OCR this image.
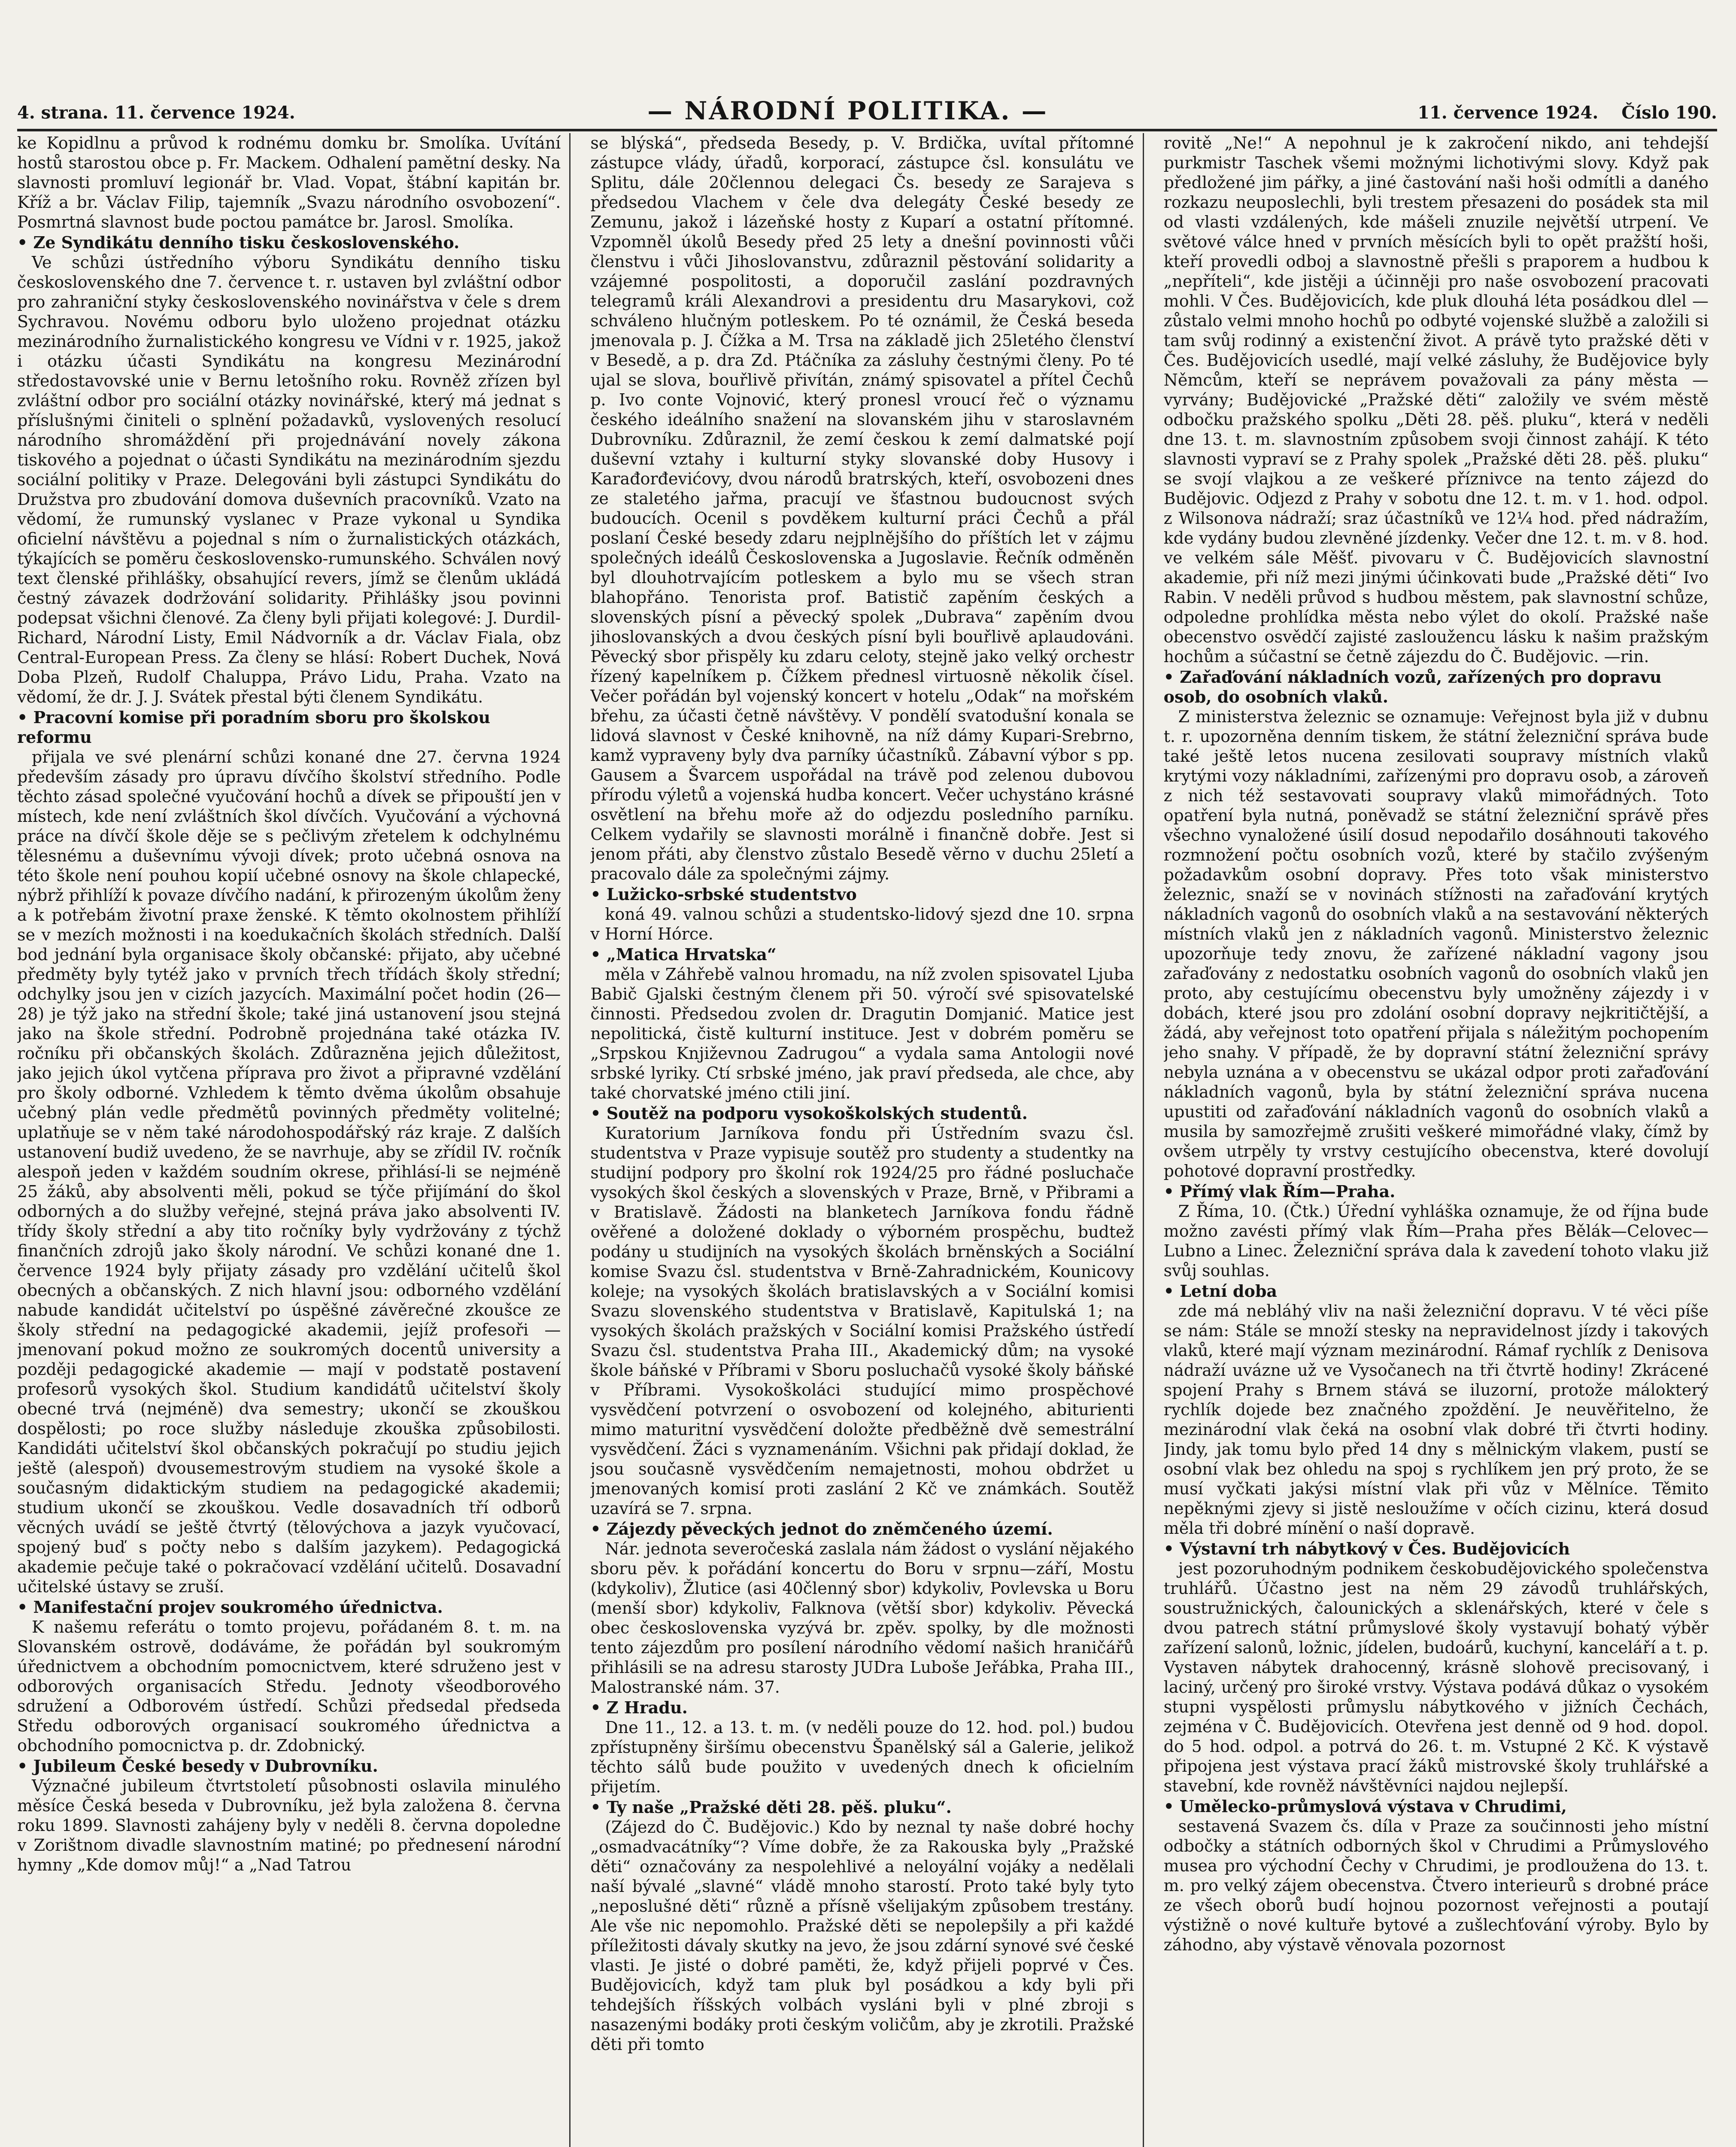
4. strana. 11. července 1924.	— NÁRODNÍ POLITIKA. —	11. července 1924. Číslo 190.

ke Kopidlnu a průvod k rodnému domku br. Smolíka. Uvítání hostů starostou obce p. Fr. Mackem. Odhalení pamětní desky. Na slavnosti promluví legionář br. Vlad. Vopat, štábní kapitán br. Kříž a br. Václav Filip, tajemník „Svazu národního osvobození“. Posmrtná slavnost bude poctou památce br. Jarosl. Smolíka.

• Ze Syndikátu denního tisku československého.

Ve schůzi ústředního výboru Syndikátu denního tisku československého dne 7. července t. r. ustaven byl zvláštní odbor pro zahraniční styky československého novinářstva v čele s drem Sychravou. Novému odboru bylo uloženo projednat otázku mezinárodního žurnalistického kongresu ve Vídni v r. 1925, jakož i otázku účasti Syndikátu na kongresu Mezinárodní středostavovské unie v Bernu letošního roku. Rovněž zřízen byl zvláštní odbor pro sociální otázky novinářské, který má jednat s příslušnými činiteli o splnění požadavků, vyslovených resolucí národního shromáždění při projednávání novely zákona tiskového a pojednat o účasti Syndikátu na mezinárodním sjezdu sociální politiky v Praze. Delegováni byli zástupci Syndikátu do Družstva pro zbudování domova duševních pracovníků. Vzato na vědomí, že rumunský vyslanec v Praze vykonal u Syndika oficielní návštěvu a pojednal s ním o žurnalistických otázkách, týkajících se poměru československo-rumunského. Schválen nový text členské přihlášky, obsahující revers, jímž se členům ukládá čestný závazek dodržování solidarity. Přihlášky jsou povinni podepsat všichni členové. Za členy byli přijati kolegové: J. Durdil-Richard, Národní Listy, Emil Nádvorník a dr. Václav Fiala, obz Central-European Press. Za členy se hlásí: Robert Duchek, Nová Doba Plzeň, Rudolf Chaluppa, Právo Lidu, Praha. Vzato na vědomí, že dr. J. J. Svátek přestal býti členem Syndikátu.

• Pracovní komise při poradním sboru pro školskou reformu

přijala ve své plenární schůzi konané dne 27. června 1924 především zásady pro úpravu dívčího školství středního. Podle těchto zásad společné vyučování hochů a dívek se připouští jen v místech, kde není zvláštních škol dívčích. Vyučování a výchovná práce na dívčí škole děje se s pečlivým zřetelem k odchylnému tělesnému a duševnímu vývoji dívek; proto učebná osnova na této škole není pouhou kopií učebné osnovy na škole chlapecké, nýbrž přihlíží k povaze dívčího nadání, k přirozeným úkolům ženy a k potřebám životní praxe ženské. K těmto okolnostem přihlíží se v mezích možnosti i na koedukačních školách středních. Další bod jednání byla organisace školy občanské: přijato, aby učebné předměty byly tytéž jako v prvních třech třídách školy střední; odchylky jsou jen v cizích jazycích. Maximální počet hodin (26—28) je týž jako na střední škole; také jiná ustanovení jsou stejná jako na škole střední. Podrobně projednána také otázka IV. ročníku při občanských školách. Zdůrazněna jejich důležitost, jako jejich úkol vytčena příprava pro život a připravné vzdělání pro školy odborné. Vzhledem k těmto dvěma úkolům obsahuje učebný plán vedle předmětů povinných předměty volitelné; uplatňuje se v něm také národohospodářský ráz kraje. Z dalších ustanovení budiž uvedeno, že se navrhuje, aby se zřídil IV. ročník alespoň jeden v každém soudním okrese, přihlásí-li se nejméně 25 žáků, aby absolventi měli, pokud se týče přijímání do škol odborných a do služby veřejné, stejná práva jako absolventi IV. třídy školy střední a aby tito ročníky byly vydržovány z týchž finančních zdrojů jako školy národní. Ve schůzi konané dne 1. července 1924 byly přijaty zásady pro vzdělání učitelů škol obecných a občanských. Z nich hlavní jsou: odborného vzdělání nabude kandidát učitelství po úspěšné závěrečné zkoušce ze školy střední na pedagogické akademii, jejíž profesoři — jmenovaní pokud možno ze soukromých docentů university a později pedagogické akademie — mají v podstatě postavení profesorů vysokých škol. Studium kandidátů učitelství školy obecné trvá (nejméně) dva semestry; ukončí se zkouškou dospělosti; po roce služby následuje zkouška způsobilosti. Kandidáti učitelství škol občanských pokračují po studiu jejich ještě (alespoň) dvousemestrovým studiem na vysoké škole a současným didaktickým studiem na pedagogické akademii; studium ukončí se zkouškou. Vedle dosavadních tří odborů věcných uvádí se ještě čtvrtý (tělovýchova a jazyk vyučovací, spojený buď s počty nebo s dalším jazykem). Pedagogická akademie pečuje také o pokračovací vzdělání učitelů. Dosavadní učitelské ústavy se zruší.

• Manifestační projev soukromého úřednictva.

K našemu referátu o tomto projevu, pořádaném 8. t. m. na Slovanském ostrově, dodáváme, že pořádán byl soukromým úřednictvem a obchodním pomocnictvem, které sdruženo jest v odborových organisacích Středu. Jednoty všeodborového sdružení a Odborovém ústředí. Schůzi předsedal předseda Středu odborových organisací soukromého úřednictva a obchodního pomocnictva p. dr. Zdobnický.

• Jubileum České besedy v Dubrovníku.

Význačné jubileum čtvrtstoletí působnosti oslavila minulého měsíce Česká beseda v Dubrovníku, jež byla založena 8. června roku 1899. Slavnosti zahájeny byly v neděli 8. června dopoledne v Zorištnom divadle slavnostním matiné; po přednesení národní hymny „Kde domov můj!“ a „Nad Tatrou

se blýská“, předseda Besedy, p. V. Brdička, uvítal přítomné zástupce vlády, úřadů, korporací, zástupce čsl. konsulátu ve Splitu, dále 20člennou delegaci Čs. besedy ze Sarajeva s předsedou Vlachem v čele dva delegáty České besedy ze Zemunu, jakož i lázeňské hosty z Kuparí a ostatní přítomné. Vzpomněl úkolů Besedy před 25 lety a dnešní povinnosti vůči členstvu i vůči Jihoslovanstvu, zdůraznil pěstování solidarity a vzájemné pospolitosti, a doporučil zaslání pozdravných telegramů králi Alexandrovi a presidentu dru Masarykovi, což schváleno hlučným potleskem. Po té oznámil, že Česká beseda jmenovala p. J. Čížka a M. Trsa na základě jich 25letého členství v Besedě, a p. dra Zd. Ptáčníka za zásluhy čestnými členy. Po té ujal se slova, bouřlivě přivítán, známý spisovatel a přítel Čechů p. Ivo conte Vojnović, který pronesl vroucí řeč o významu českého ideálního snažení na slovanském jihu v staroslavném Dubrovníku. Zdůraznil, že zemí českou k zemí dalmatské pojí duševní vztahy i kulturní styky slovanské doby Husovy i Karađorđevićovy, dvou národů bratrských, kteří, osvobozeni dnes ze staletého jařma, pracují ve šťastnou budoucnost svých budoucích. Ocenil s povděkem kulturní práci Čechů a přál poslaní České besedy zdaru nejplnějšího do příštích let v zájmu společných ideálů Československa a Jugoslavie. Řečník odměněn byl dlouhotrvajícím potleskem a bylo mu se všech stran blahopřáno. Tenorista prof. Batistič zapěním českých a slovenských písní a pěvecký spolek „Dubrava“ zapěním dvou jihoslovanských a dvou českých písní byli bouřlivě aplaudováni. Pěvecký sbor přispěly ku zdaru celoty, stejně jako velký orchestr řízený kapelníkem p. Čížkem přednesl virtuosně několik čísel. Večer pořádán byl vojenský koncert v hotelu „Odak“ na mořském břehu, za účasti četně návštěvy. V pondělí svatodušní konala se lidová slavnost v České knihovně, na níž dámy Kupari-Srebrno, kamž vypraveny byly dva parníky účastníků. Zábavní výbor s pp. Gausem a Švarcem uspořádal na trávě pod zelenou dubovou přírodu výletů a vojenská hudba koncert. Večer uchystáno krásné osvětlení na břehu moře až do odjezdu posledního parníku. Celkem vydařily se slavnosti morálně i finančně dobře. Jest si jenom přáti, aby členstvo zůstalo Besedě věrno v duchu 25letí a pracovalo dále za společnými zájmy.

• Lužicko-srbské studentstvo

koná 49. valnou schůzi a studentsko-lidový sjezd dne 10. srpna v Horní Hórce.

• „Matica Hrvatska“

měla v Záhřebě valnou hromadu, na níž zvolen spisovatel Ljuba Babič Gjalski čestným členem při 50. výročí své spisovatelské činnosti. Předsedou zvolen dr. Dragutin Domjanić. Matice jest nepolitická, čistě kulturní instituce. Jest v dobrém poměru se „Srpskou Književnou Zadrugou“ a vydala sama Antologii nové srbské lyriky. Ctí srbské jméno, jak praví předseda, ale chce, aby také chorvatské jméno ctili jiní.

• Soutěž na podporu vysokoškolských studentů.

Kuratorium Jarníkova fondu při Ústředním svazu čsl. studentstva v Praze vypisuje soutěž pro studenty a studentky na studijní podpory pro školní rok 1924/25 pro řádné posluchače vysokých škol českých a slovenských v Praze, Brně, v Přibrami a v Bratislavě. Žádosti na blanketech Jarníkova fondu řádně ověřené a doložené doklady o výborném prospěchu, budtež podány u studijních na vysokých školách brněnských a Sociální komise Svazu čsl. studentstva v Brně-Zahradnickém, Kounicovy koleje; na vysokých školách bratislavských a v Sociální komisi Svazu slovenského studentstva v Bratislavě, Kapitulská 1; na vysokých školách pražských v Sociální komisi Pražského ústředí Svazu čsl. studentstva Praha III., Akademický dům; na vysoké škole báňské v Příbrami v Sboru posluchačů vysoké školy báňské v Příbrami. Vysokoškoláci studující mimo prospěchové vysvědčení potvrzení o osvobození od kolejného, abiturienti mimo maturitní vysvědčení doložte předběžně dvě semestrální vysvědčení. Žáci s vyznamenáním. Všichni pak přidají doklad, že jsou současně vysvědčením nemajetnosti, mohou obdržet u jmenovaných komisí proti zaslání 2 Kč ve známkách. Soutěž uzavírá se 7. srpna.

• Zájezdy pěveckých jednot do zněmčeného území.

Nár. jednota severočeská zaslala nám žádost o vyslání nějakého sboru pěv. k pořádání koncertu do Boru v srpnu—září, Mostu (kdykoliv), Žlutice (asi 40členný sbor) kdykoliv, Povlevska u Boru (menší sbor) kdykoliv, Falknova (větší sbor) kdykoliv. Pěvecká obec československa vyzývá br. zpěv. spolky, by dle možnosti tento zájezdům pro posílení národního vědomí našich hraničářů přihlásili se na adresu starosty JUDra Luboše Jeřábka, Praha III., Malostranské nám. 37.

• Z Hradu.

Dne 11., 12. a 13. t. m. (v neděli pouze do 12. hod. pol.) budou zpřístupněny širšímu obecenstvu Španělský sál a Galerie, jelikož těchto sálů bude použito v uvedených dnech k oficielním přijetím.

• Ty naše „Pražské děti 28. pěš. pluku“.

(Zájezd do Č. Budějovic.) Kdo by neznal ty naše dobré hochy „osmadvacátníky“? Víme dobře, že za Rakouska byly „Pražské děti“ označovány za nespolehlivé a neloyální vojáky a nedělali naší bývalé „slavné“ vládě mnoho starostí. Proto také byly tyto „neposlušné děti“ různě a přísně všelijakým způsobem trestány. Ale vše nic nepomohlo. Pražské děti se nepolepšily a při každé příležitosti dávaly skutky na jevo, že jsou zdární synové své české vlasti. Je jisté o dobré paměti, že, když přijeli poprvé v Čes. Budějovicích, když tam pluk byl posádkou a kdy byli při tehdejších říšských volbách vysláni byli v plné zbroji s nasazenými bodáky proti českým voličům, aby je zkrotili. Pražské děti při tomto

rovitě „Ne!“ A nepohnul je k zakročení nikdo, ani tehdejší purkmistr Taschek všemi možnými lichotivými slovy. Když pak předložené jim pářky, a jiné častování naši hoši odmítli a daného rozkazu neuposlechli, byli trestem přesazeni do posádek sta mil od vlasti vzdálených, kde mášeli znuzile největší utrpení. Ve světové válce hned v prvních měsících byli to opět pražští hoši, kteří provedli odboj a slavnostně přešli s praporem a hudbou k „nepříteli“, kde jistěji a účinněji pro naše osvobození pracovati mohli. V Čes. Budějovicích, kde pluk dlouhá léta posádkou dlel — zůstalo velmi mnoho hochů po odbyté vojenské službě a založili si tam svůj rodinný a existenční život. A právě tyto pražské děti v Čes. Budějovicích usedlé, mají velké zásluhy, že Budějovice byly Němcům, kteří se neprávem považovali za pány města — vyrvány; Budějovické „Pražské děti“ založily ve svém městě odbočku pražského spolku „Děti 28. pěš. pluku“, která v neděli dne 13. t. m. slavnostním způsobem svoji činnost zahájí. K této slavnosti vypraví se z Prahy spolek „Pražské děti 28. pěš. pluku“ se svojí vlajkou a ze veškeré příznivce na tento zájezd do Budějovic. Odjezd z Prahy v sobotu dne 12. t. m. v 1. hod. odpol. z Wilsonova nádraží; sraz účastníků ve 12¼ hod. před nádražím, kde vydány budou zlevněné jízdenky. Večer dne 12. t. m. v 8. hod. ve velkém sále Měšť. pivovaru v Č. Budějovicích slavnostní akademie, při níž mezi jinými účinkovati bude „Pražské děti“ Ivo Rabin. V neděli průvod s hudbou městem, pak slavnostní schůze, odpoledne prohlídka města nebo výlet do okolí. Pražské naše obecenstvo osvědčí zajisté zasloužencu lásku k našim pražským hochům a súčastní se četně zájezdu do Č. Budějovic. —rin.

• Zařaďování nákladních vozů, zařízených pro dopravu osob, do osobních vlaků.

Z ministerstva železnic se oznamuje: Veřejnost byla již v dubnu t. r. upozorněna denním tiskem, že státní železniční správa bude také ještě letos nucena zesilovati soupravy místních vlaků krytými vozy nákladními, zařízenými pro dopravu osob, a zároveň z nich též sestavovati soupravy vlaků mimořádných. Toto opatření byla nutná, poněvadž se státní železniční správě přes všechno vynaložené úsilí dosud nepodařilo dosáhnouti takového rozmnožení počtu osobních vozů, které by stačilo zvýšeným požadavkům osobní dopravy. Přes toto však ministerstvo železnic, snaží se v novinách stížnosti na zařaďování krytých nákladních vagonů do osobních vlaků a na sestavování některých místních vlaků jen z nákladních vagonů. Ministerstvo železnic upozorňuje tedy znovu, že zařízené nákladní vagony jsou zařaďovány z nedostatku osobních vagonů do osobních vlaků jen proto, aby cestujícímu obecenstvu byly umožněny zájezdy i v dobách, které jsou pro zdolání osobní dopravy nejkritičtější, a žádá, aby veřejnost toto opatření přijala s náležitým pochopením jeho snahy. V případě, že by dopravní státní železniční správy nebyla uznána a v obecenstvu se ukázal odpor proti zařaďování nákladních vagonů, byla by státní železniční správa nucena upustiti od zařaďování nákladních vagonů do osobních vlaků a musila by samozřejmě zrušiti veškeré mimořádné vlaky, čímž by ovšem utrpěly ty vrstvy cestujícího obecenstva, které dovolují pohotové dopravní prostředky.

• Přímý vlak Řím—Praha.

Z Říma, 10. (Čtk.) Úřední vyhláška oznamuje, že od října bude možno zavésti přímý vlak Řím—Praha přes Bělák—Celovec—Lubno a Linec. Železniční správa dala k zavedení tohoto vlaku již svůj souhlas.

• Letní doba

zde má nebláhý vliv na naši železniční dopravu. V té věci píše se nám: Stále se množí stesky na nepravidelnost jízdy i takových vlaků, které mají význam mezinárodní. Rámaf rychlík z Denisova nádraží uváznе už ve Vysočanech na tři čtvrtě hodiny! Zkrácené spojení Prahy s Brnem stává se iluzorní, protože málokterý rychlík dojede bez značného zpoždění. Je neuvěřitelno, že mezinárodní vlak čeká na osobní vlak dobré tři čtvrti hodiny. Jindy, jak tomu bylo před 14 dny s mělnickým vlakem, pustí se osobní vlak bez ohledu na spoj s rychlíkem jen prý proto, že se musí vyčkati jakýsi místní vlak při vůz v Mělníce. Těmito nepěknými zjevy si jistě nesloužíme v očích cizinu, která dosud měla tři dobré mínění o naší dopravě.

• Výstavní trh nábytkový v Čes. Budějovicích

jest pozoruhodným podnikem českobudějovického společenstva truhlářů. Účastno jest na něm 29 závodů truhlářských, soustružnických, čalounických a sklenářských, které v čele s dvou patrech státní průmyslové školy vystavují bohatý výběr zařízení salonů, ložnic, jídelen, budoárů, kuchyní, kanceláří a t. p. Vystaven nábytek drahocenný, krásně slohově precisovaný, i laciný, určený pro široké vrstvy. Výstava podává důkaz o vysokém stupni vyspělosti průmyslu nábytkového v jižních Čechách, zejména v Č. Budějovicích. Otevřena jest denně od 9 hod. dopol. do 5 hod. odpol. a potrvá do 26. t. m. Vstupné 2 Kč. K výstavě připojena jest výstava prací žáků mistrovské školy truhlářské a stavební, kde rovněž návštěvníci najdou nejlepší.

• Umělecko-průmyslová výstava v Chrudimi,

sestavená Svazem čs. díla v Praze za součinnosti jeho místní odbočky a státních odborných škol v Chrudimi a Průmyslového musea pro východní Čechy v Chrudimi, je prodloužena do 13. t. m. pro velký zájem obecenstva. Čtvero interieurů s drobné práce ze všech oborů budí hojnou pozornost veřejnosti a poutají výstižně o nové kultuře bytové a zušlechťování výroby. Bylo by záhodno, aby výstavě věnovala pozornost
